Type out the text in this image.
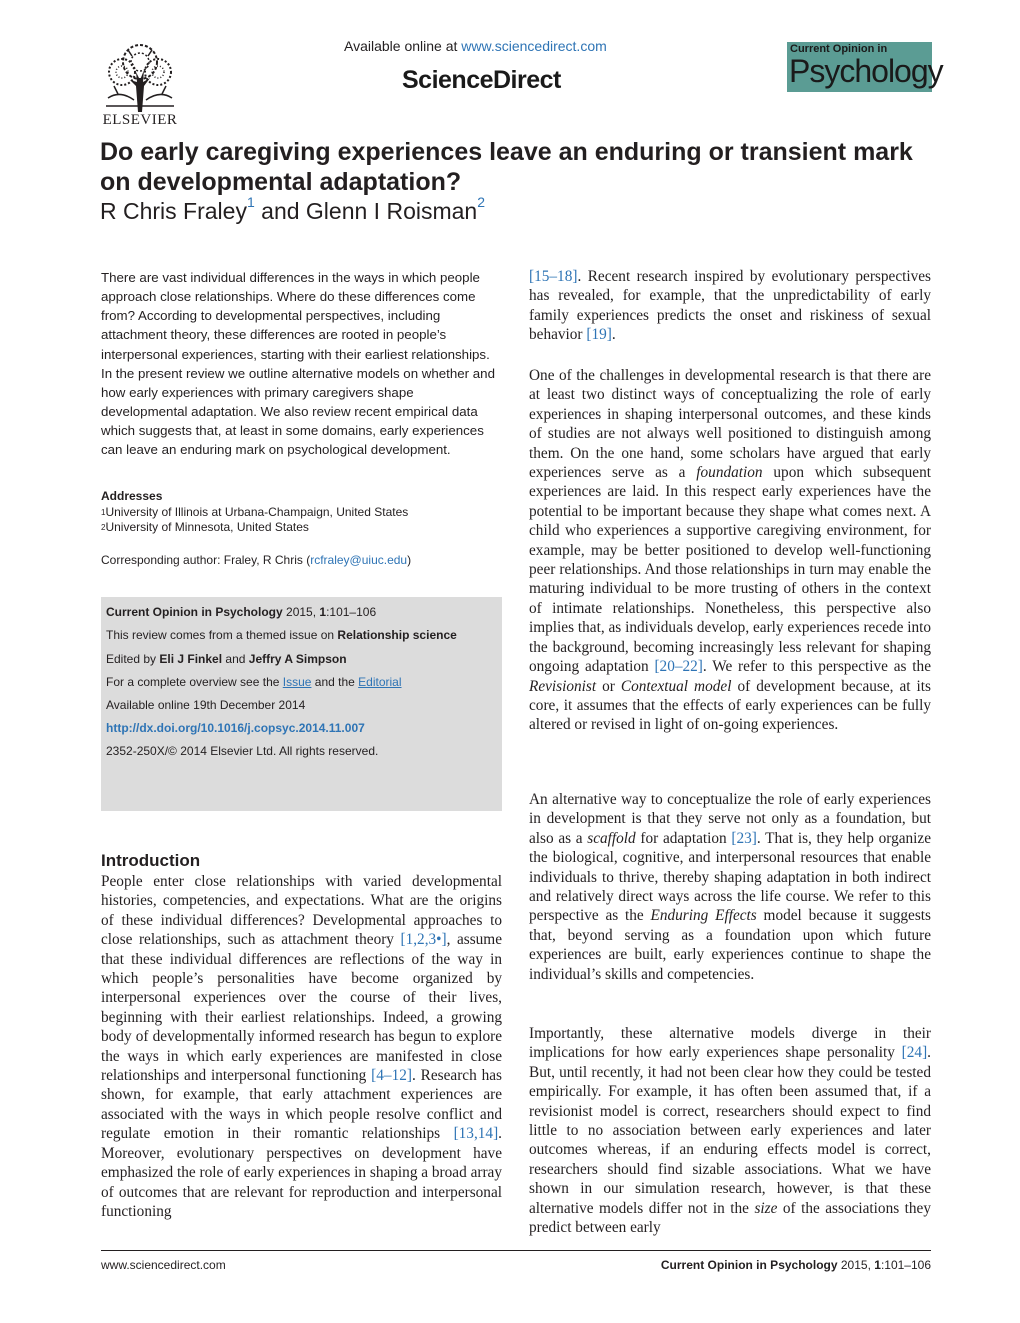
ELSEVIER
Available online at www.sciencedirect.com
ScienceDirect
Current Opinion in
Psychology
Do early caregiving experiences leave an enduring or transient mark on developmental adaptation?
R Chris Fraley$^1$ and Glenn I Roisman$^2$

There are vast individual differences in the ways in which people approach close relationships. Where do these differences come from? According to developmental perspectives, including attachment theory, these differences are rooted in people’s interpersonal experiences, starting with their earliest relationships. In the present review we outline alternative models on whether and how early experiences with primary caregivers shape developmental adaptation. We also review recent empirical data which suggests that, at least in some domains, early experiences can leave an enduring mark on psychological development.

Addresses
$^1$University of Illinois at Urbana-Champaign, United States
$^2$University of Minnesota, United States
Corresponding author: Fraley, R Chris (rcfraley@uiuc.edu)
Current Opinion in Psychology 2015, 1:101–106
This review comes from a themed issue on Relationship science
Edited by Eli J Finkel and Jeffry A Simpson
For a complete overview see the Issue and the Editorial
Available online 19th December 2014
http://dx.doi.org/10.1016/j.copsyc.2014.11.007
2352-250X/© 2014 Elsevier Ltd. All rights reserved.
Introduction

People enter close relationships with varied developmental histories, competencies, and expectations. What are the origins of these individual differences? Developmental approaches to close relationships, such as attachment theory [1,2,3•], assume that these individual differences are reflections of the way in which people’s personalities have become organized by interpersonal experiences over the course of their lives, beginning with their earliest relationships. Indeed, a growing body of developmentally informed research has begun to explore the ways in which early experiences are manifested in close relationships and interpersonal functioning [4–12]. Research has shown, for example, that early attachment experiences are associated with the ways in which people resolve conflict and regulate emotion in their romantic relationships [13,14]. Moreover, evolutionary perspectives on development have emphasized the role of early experiences in shaping a broad array of outcomes that are relevant for reproduction and interpersonal functioning

[15–18]. Recent research inspired by evolutionary perspectives has revealed, for example, that the unpredictability of early family experiences predicts the onset and riskiness of sexual behavior [19].

One of the challenges in developmental research is that there are at least two distinct ways of conceptualizing the role of early experiences in shaping interpersonal outcomes, and these kinds of studies are not always well positioned to distinguish among them. On the one hand, some scholars have argued that early experiences serve as a foundation upon which subsequent experiences are laid. In this respect early experiences have the potential to be important because they shape what comes next. A child who experiences a supportive caregiving environment, for example, may be better positioned to develop well-functioning peer relationships. And those relationships in turn may enable the maturing individual to be more trusting of others in the context of intimate relationships. Nonetheless, this perspective also implies that, as individuals develop, early experiences recede into the background, becoming increasingly less relevant for shaping ongoing adaptation [20–22]. We refer to this perspective as the Revisionist or Contextual model of development because, at its core, it assumes that the effects of early experiences can be fully altered or revised in light of on-going experiences.

An alternative way to conceptualize the role of early experiences in development is that they serve not only as a foundation, but also as a scaffold for adaptation [23]. That is, they help organize the biological, cognitive, and interpersonal resources that enable individuals to thrive, thereby shaping adaptation in both indirect and relatively direct ways across the life course. We refer to this perspective as the Enduring Effects model because it suggests that, beyond serving as a foundation upon which future experiences are built, early experiences continue to shape the individual’s skills and competencies.

Importantly, these alternative models diverge in their implications for how early experiences shape personality [24]. But, until recently, it had not been clear how they could be tested empirically. For example, it has often been assumed that, if a revisionist model is correct, researchers should expect to find little to no association between early experiences and later outcomes whereas, if an enduring effects model is correct, researchers should find sizable associations. What we have shown in our simulation research, however, is that these alternative models differ not in the size of the associations they predict between early

www.sciencedirect.com	Current Opinion in Psychology 2015, 1:101–106
